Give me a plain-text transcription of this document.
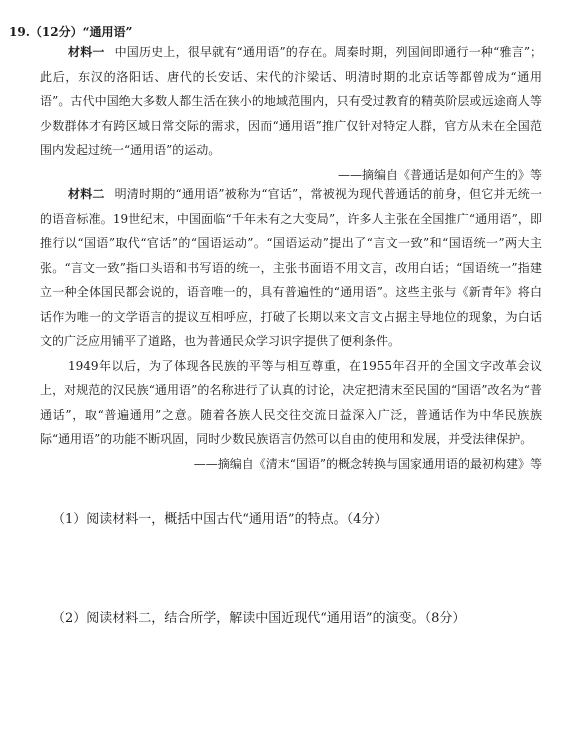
19.（12分）“通用语”

材料一 中国历史上，很早就有“通用语”的存在。周秦时期，列国间即通行一种“雅言”；此后，东汉的洛阳话、唐代的长安话、宋代的汴梁话、明清时期的北京话等都曾成为“通用语”。古代中国绝大多数人都生活在狭小的地域范围内，只有受过教育的精英阶层或远途商人等少数群体才有跨区域日常交际的需求，因而“通用语”推广仅针对特定人群，官方从未在全国范围内发起过统一“通用语”的运动。

——摘编自《普通话是如何产生的》等

材料二 明清时期的“通用语”被称为“官话”，常被视为现代普通话的前身，但它并无统一的语音标准。19世纪末，中国面临“千年未有之大变局”，许多人主张在全国推广“通用语”，即推行以“国语”取代“官话”的“国语运动”。“国语运动”提出了“言文一致”和“国语统一”两大主张。“言文一致”指口头语和书写语的统一，主张书面语不用文言，改用白话；“国语统一”指建立一种全体国民都会说的，语音唯一的，具有普遍性的“通用语”。这些主张与《新青年》将白话作为唯一的文学语言的提议互相呼应，打破了长期以来文言文占据主导地位的现象，为白话文的广泛应用铺平了道路，也为普通民众学习识字提供了便利条件。

1949年以后，为了体现各民族的平等与相互尊重，在1955年召开的全国文字改革会议上，对规范的汉民族“通用语”的名称进行了认真的讨论，决定把清末至民国的“国语”改名为“普通话”，取“普遍通用”之意。随着各族人民交往交流日益深入广泛，普通话作为中华民族族际“通用语”的功能不断巩固，同时少数民族语言仍然可以自由的使用和发展，并受法律保护。

——摘编自《清末“国语”的概念转换与国家通用语的最初构建》等

（1）阅读材料一，概括中国古代“通用语”的特点。（4分）
（2）阅读材料二，结合所学，解读中国近现代“通用语”的演变。（8分）
